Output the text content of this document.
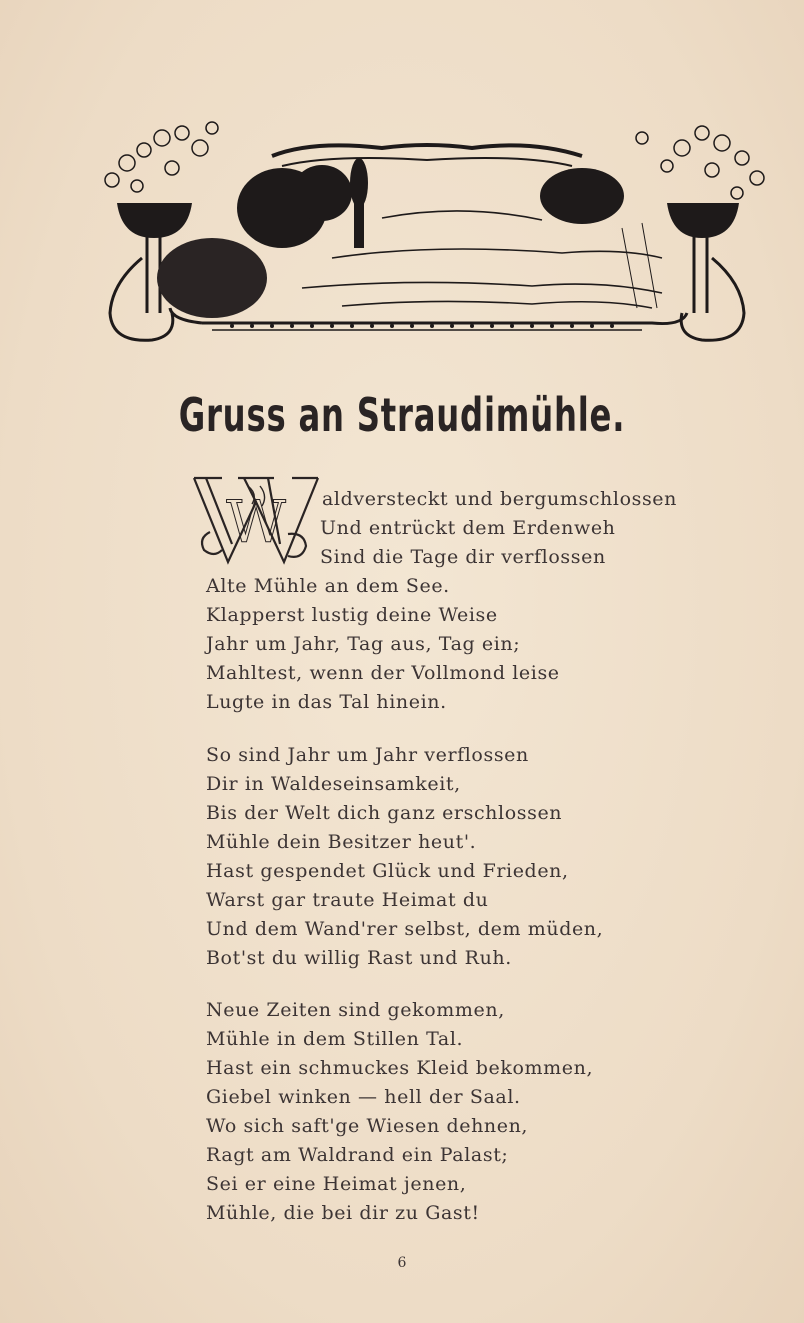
Gruss an Straudimühle.
W aldversteckt und bergumschlossen
Und entrückt dem Erdenweh
Sind die Tage dir verflossen
Alte Mühle an dem See.
Klapperst lustig deine Weise
Jahr um Jahr, Tag aus, Tag ein;
Mahltest, wenn der Vollmond leise
Lugte in das Tal hinein.
So sind Jahr um Jahr verflossen
Dir in Waldeseinsamkeit,
Bis der Welt dich ganz erschlossen
Mühle dein Besitzer heut'.
Hast gespendet Glück und Frieden,
Warst gar traute Heimat du
Und dem Wand'rer selbst, dem müden,
Bot'st du willig Rast und Ruh.
Neue Zeiten sind gekommen,
Mühle in dem Stillen Tal.
Hast ein schmuckes Kleid bekommen,
Giebel winken — hell der Saal.
Wo sich saft'ge Wiesen dehnen,
Ragt am Waldrand ein Palast;
Sei er eine Heimat jenen,
Mühle, die bei dir zu Gast!
6
